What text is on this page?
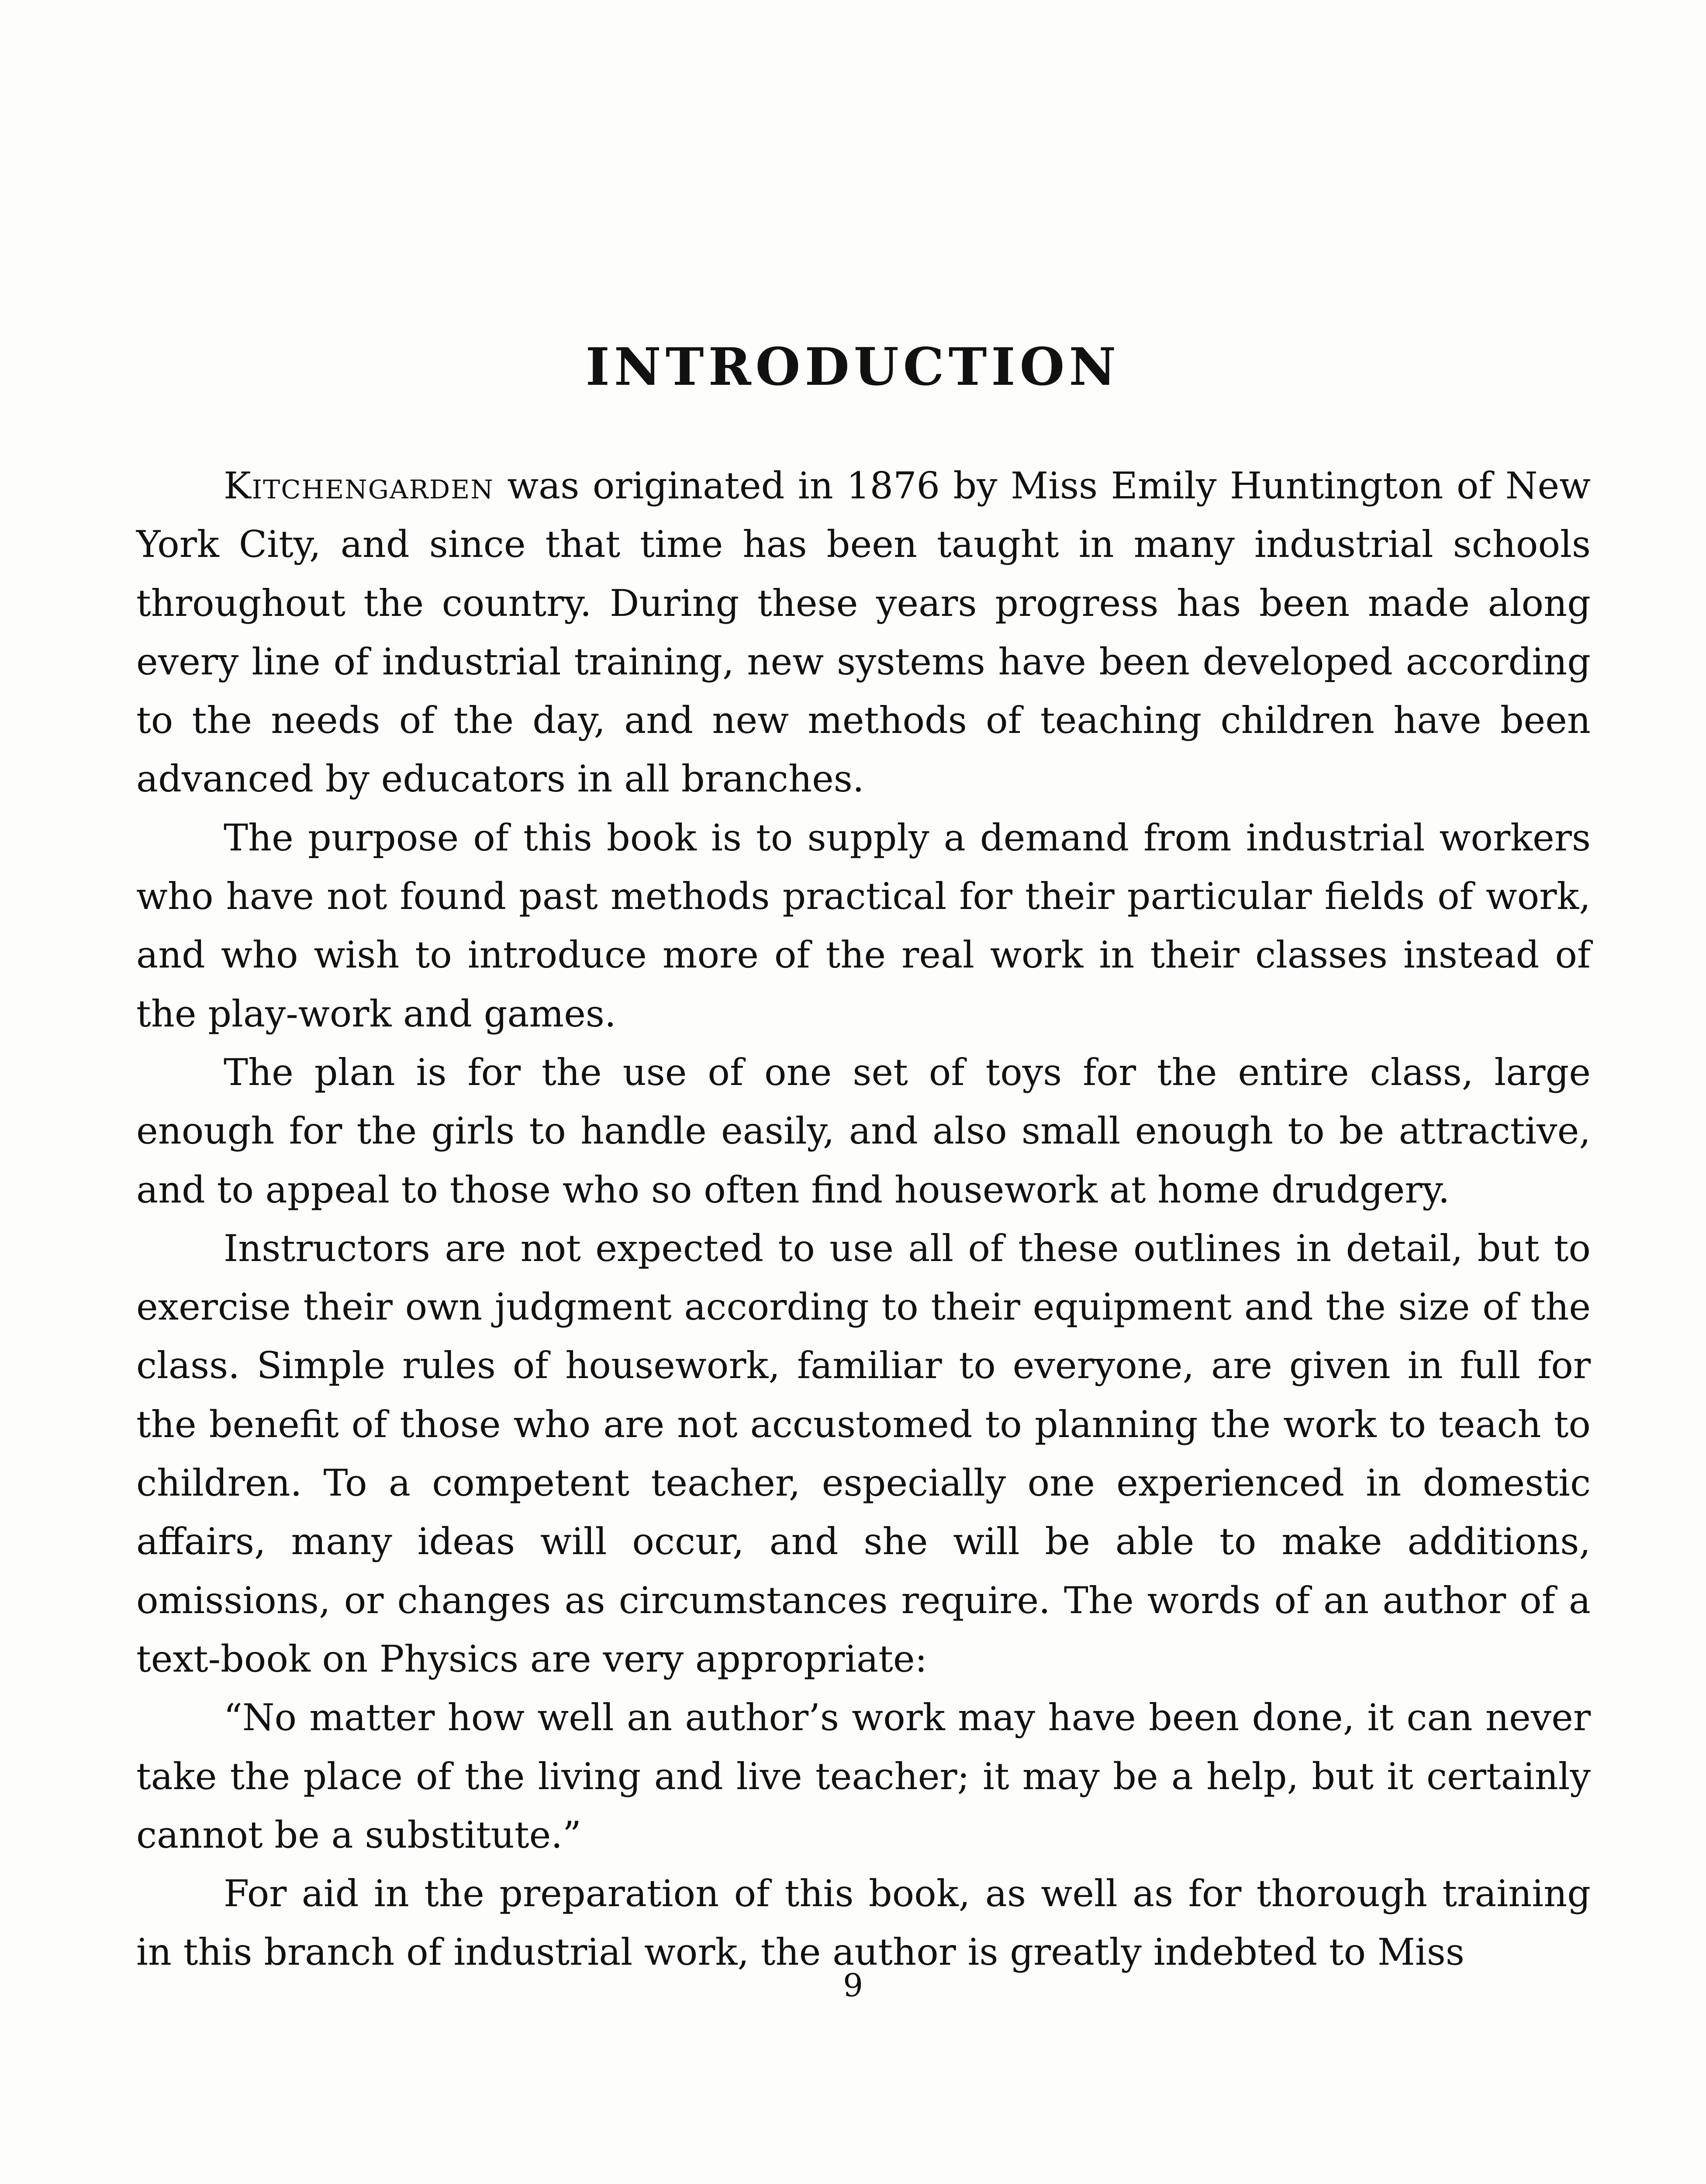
INTRODUCTION

Kitchengarden was originated in 1876 by Miss Emily Huntington of New York City, and since that time has been taught in many industrial schools throughout the country. During these years progress has been made along every line of industrial training, new systems have been developed according to the needs of the day, and new methods of teaching children have been advanced by educators in all branches.

The purpose of this book is to supply a demand from industrial workers who have not found past methods practical for their particular fields of work, and who wish to introduce more of the real work in their classes instead of the play-work and games.

The plan is for the use of one set of toys for the entire class, large enough for the girls to handle easily, and also small enough to be attractive, and to appeal to those who so often find housework at home drudgery.

Instructors are not expected to use all of these outlines in detail, but to exercise their own judgment according to their equipment and the size of the class. Simple rules of housework, familiar to everyone, are given in full for the benefit of those who are not accustomed to planning the work to teach to children. To a competent teacher, especially one experienced in domestic affairs, many ideas will occur, and she will be able to make additions, omissions, or changes as circumstances require. The words of an author of a text-book on Physics are very appropriate:

“No matter how well an author’s work may have been done, it can never take the place of the living and live teacher; it may be a help, but it certainly cannot be a substitute.”

For aid in the preparation of this book, as well as for thorough training in this branch of industrial work, the author is greatly indebted to Miss

9
